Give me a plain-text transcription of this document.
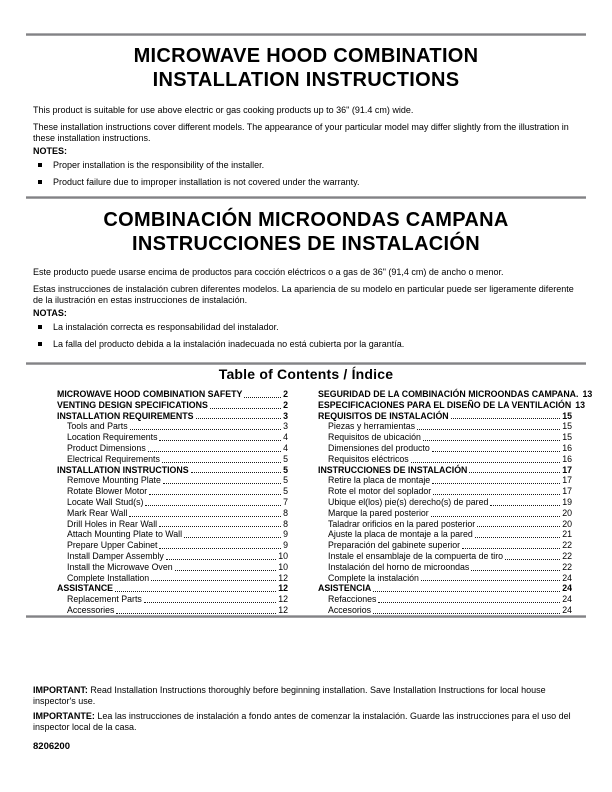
MICROWAVE HOOD COMBINATION
INSTALLATION INSTRUCTIONS

This product is suitable for use above electric or gas cooking products up to 36" (91.4 cm) wide.

These installation instructions cover different models. The appearance of your particular model may differ slightly from the illustration in these installation instructions.

NOTES:
Proper installation is the responsibility of the installer.
Product failure due to improper installation is not covered under the warranty.
COMBINACIÓN MICROONDAS CAMPANA
INSTRUCCIONES DE INSTALACIÓN

Este producto puede usarse encima de productos para cocción eléctricos o a gas de 36" (91,4 cm) de ancho o menor.

Estas instrucciones de instalación cubren diferentes modelos. La apariencia de su modelo en particular puede ser ligeramente diferente de la ilustración en estas instrucciones de instalación.

NOTAS:
La instalación correcta es responsabilidad del instalador.
La falla del producto debida a la instalación inadecuada no está cubierta por la garantía.
Table of Contents / Índice
MICROWAVE HOOD COMBINATION SAFETY	2
VENTING DESIGN SPECIFICATIONS	2
INSTALLATION REQUIREMENTS	3
Tools and Parts	3
Location Requirements	4
Product Dimensions	4
Electrical Requirements	5
INSTALLATION INSTRUCTIONS	5
Remove Mounting Plate	5
Rotate Blower Motor	5
Locate Wall Stud(s)	7
Mark Rear Wall	8
Drill Holes in Rear Wall	8
Attach Mounting Plate to Wall	9
Prepare Upper Cabinet	9
Install Damper Assembly	10
Install the Microwave Oven	10
Complete Installation	12
ASSISTANCE	12
Replacement Parts	12
Accessories	12
SEGURIDAD DE LA COMBINACIÓN MICROONDAS CAMPANA. 13
ESPECIFICACIONES PARA EL DISEÑO DE LA VENTILACIÓN 13
REQUISITOS DE INSTALACIÓN	15
Piezas y herramientas	15
Requisitos de ubicación	15
Dimensiones del producto	16
Requisitos eléctricos	16
INSTRUCCIONES DE INSTALACIÓN	17
Retire la placa de montaje	17
Rote el motor del soplador	17
Ubique el(los) pie(s) derecho(s) de pared	19
Marque la pared posterior	20
Taladrar orificios en la pared posterior	20
Ajuste la placa de montaje a la pared	21
Preparación del gabinete superior	22
Instale el ensamblaje de la compuerta de tiro	22
Instalación del horno de microondas	22
Complete la instalación	24
ASISTENCIA	24
Refacciones	24
Accesorios	24

IMPORTANT: Read Installation Instructions thoroughly before beginning installation. Save Installation Instructions for local house inspector's use.

IMPORTANTE: Lea las instrucciones de instalación a fondo antes de comenzar la instalación. Guarde las instrucciones para el uso del inspector local de la casa.

8206200
